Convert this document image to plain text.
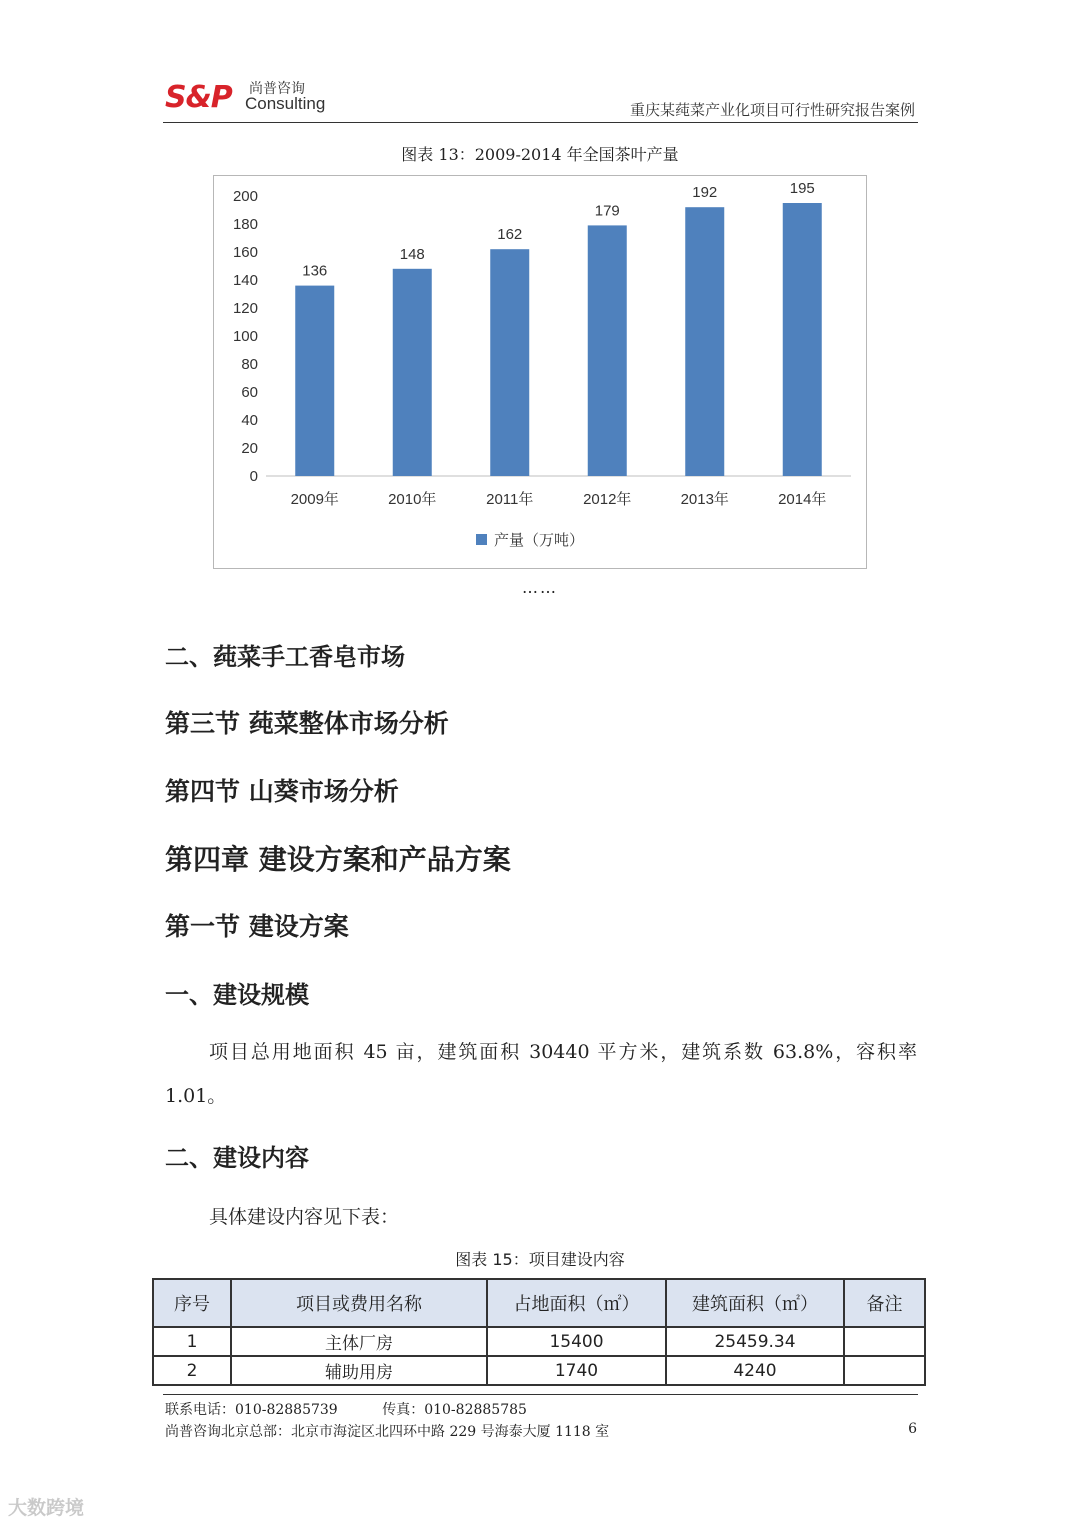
S&P 尚普咨询
Consulting	重庆某莼菜产业化项目可行性研究报告案例
图表 13：2009-2014 年全国茶叶产量
0
20
40
60
80
100
120
140
160
180
200
136
2009年
148
2010年
162
2011年
179
2012年
192
2013年
195
2014年
产量（万吨）
……
二、莼菜手工香皂市场
第三节 莼菜整体市场分析
第四节 山葵市场分析
第四章 建设方案和产品方案
第一节 建设方案
一、建设规模
项目总用地面积 45 亩，建筑面积 30440 平方米，建筑系数 63.8%，容积率 1.01。
二、建设内容
具体建设内容见下表：
图表 15：项目建设内容
序号	项目或费用名称	占地面积（㎡）	建筑面积（㎡）	备注
1	主体厂房	15400	25459.34	
2	辅助用房	1740	4240	
联系电话：010-82885739          传真：010-82885785
尚普咨询北京总部：北京市海淀区北四环中路 229 号海泰大厦 1118 室	6
大数跨境
